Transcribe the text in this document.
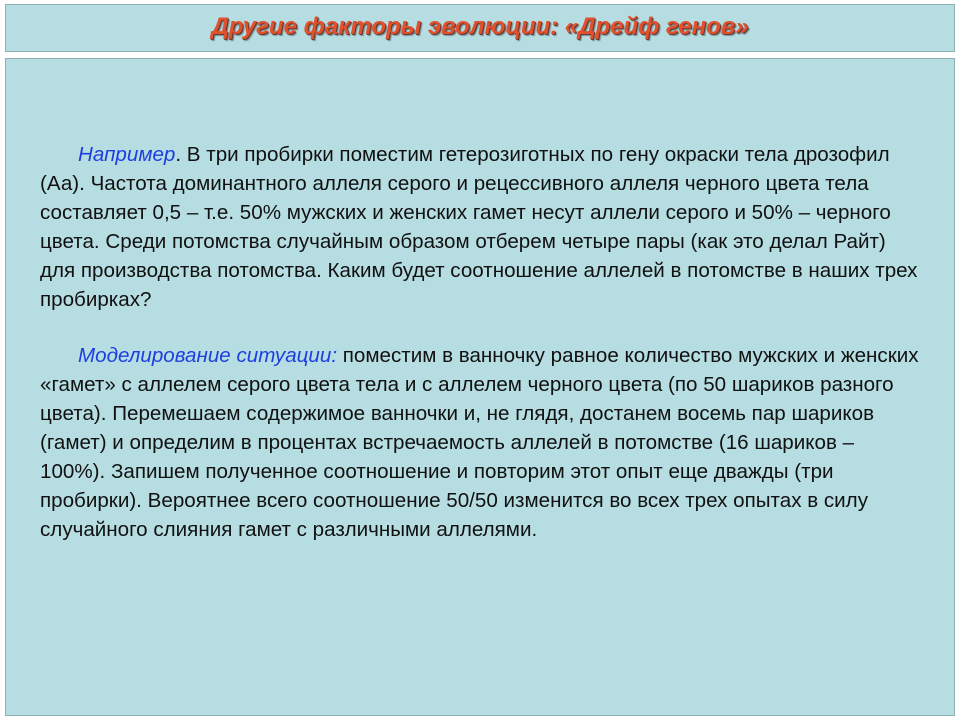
Другие факторы эволюции: «Дрейф генов»

Например. В три пробирки поместим гетерозиготных по гену окраски тела дрозофил (Аа). Частота доминантного аллеля серого и рецессивного аллеля черного цвета тела составляет 0,5 – т.е. 50% мужских и женских гамет несут аллели серого и 50% – черного цвета. Среди потомства случайным образом отберем четыре пары (как это делал Райт) для производства потомства. Каким будет соотношение аллелей в потомстве в наших трех пробирках?

Моделирование ситуации: поместим в ванночку равное количество мужских и женских «гамет» с аллелем серого цвета тела и с аллелем черного цвета (по 50 шариков разного цвета). Перемешаем содержимое ванночки и, не глядя, достанем восемь пар шариков (гамет) и определим в процентах встречаемость аллелей в потомстве (16 шариков – 100%). Запишем полученное соотношение и повторим этот опыт еще дважды (три пробирки). Вероятнее всего соотношение 50/50 изменится во всех трех опытах в силу случайного слияния гамет с различными аллелями.
